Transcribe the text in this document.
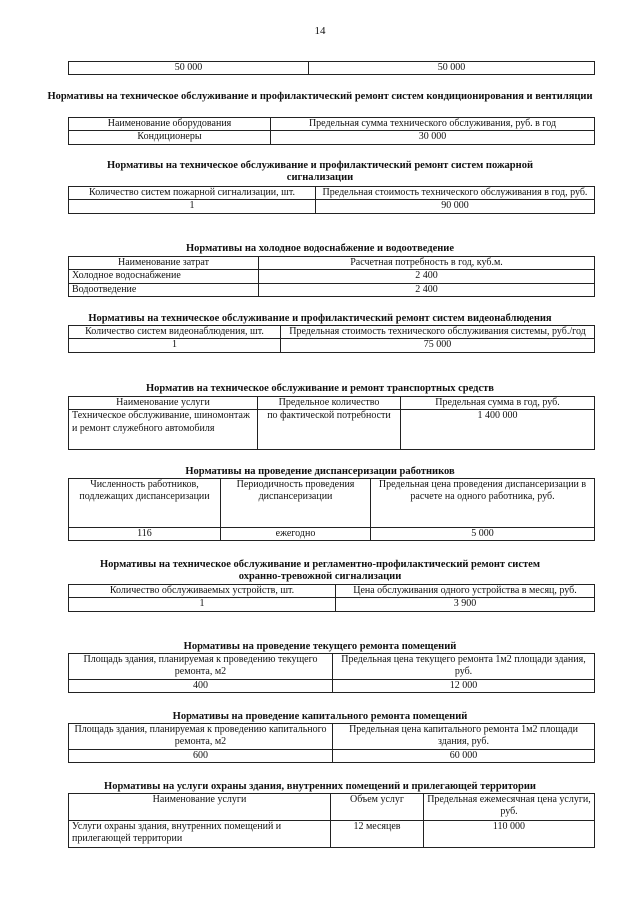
14
50 000	50 000
Нормативы на техническое обслуживание и профилактический ремонт систем кондиционирования и вентиляции
Наименование оборудования	Предельная сумма технического обслуживания, руб. в год
Кондиционеры	30 000
Нормативы на техническое обслуживание и профилактический ремонт систем пожарной сигнализации
Количество систем пожарной сигнализации, шт.	Предельная стоимость технического обслуживания в год, руб.
1	90 000
Нормативы на холодное водоснабжение и водоотведение
Наименование затрат	Расчетная потребность в год, куб.м.
Холодное водоснабжение	2 400
Водоотведение	2 400
Нормативы на техническое обслуживание и профилактический ремонт систем видеонаблюдения
Количество систем видеонаблюдения, шт.	Предельная стоимость технического обслуживания системы, руб./год
1	75 000
Норматив на техническое обслуживание и ремонт транспортных средств
Наименование услуги	Предельное количество	Предельная сумма в год, руб.
Техническое обслуживание, шиномонтаж и ремонт служебного автомобиля	по фактической потребности	1 400 000
Нормативы на проведение диспансеризации работников
Численность работников, подлежащих диспансеризации	Периодичность проведения диспансеризации	Предельная цена проведения диспансеризации в расчете на одного работника, руб.
116	ежегодно	5 000
Нормативы на техническое обслуживание и регламентно-профилактический ремонт систем охранно-тревожной сигнализации
Количество обслуживаемых устройств, шт.	Цена обслуживания одного устройства в месяц, руб.
1	3 900
Нормативы на проведение текущего ремонта помещений
Площадь здания, планируемая к проведению текущего ремонта, м2	Предельная цена текущего ремонта 1м2 площади здания, руб.
400	12 000
Нормативы на проведение капитального ремонта помещений
Площадь здания, планируемая к проведению капитального ремонта, м2	Предельная цена капитального ремонта 1м2 площади здания, руб.
600	60 000
Нормативы на услуги охраны здания, внутренних помещений и прилегающей территории
Наименование услуги	Объем услуг	Предельная ежемесячная цена услуги, руб.
Услуги охраны здания, внутренних помещений и прилегающей территории	12 месяцев	110 000
